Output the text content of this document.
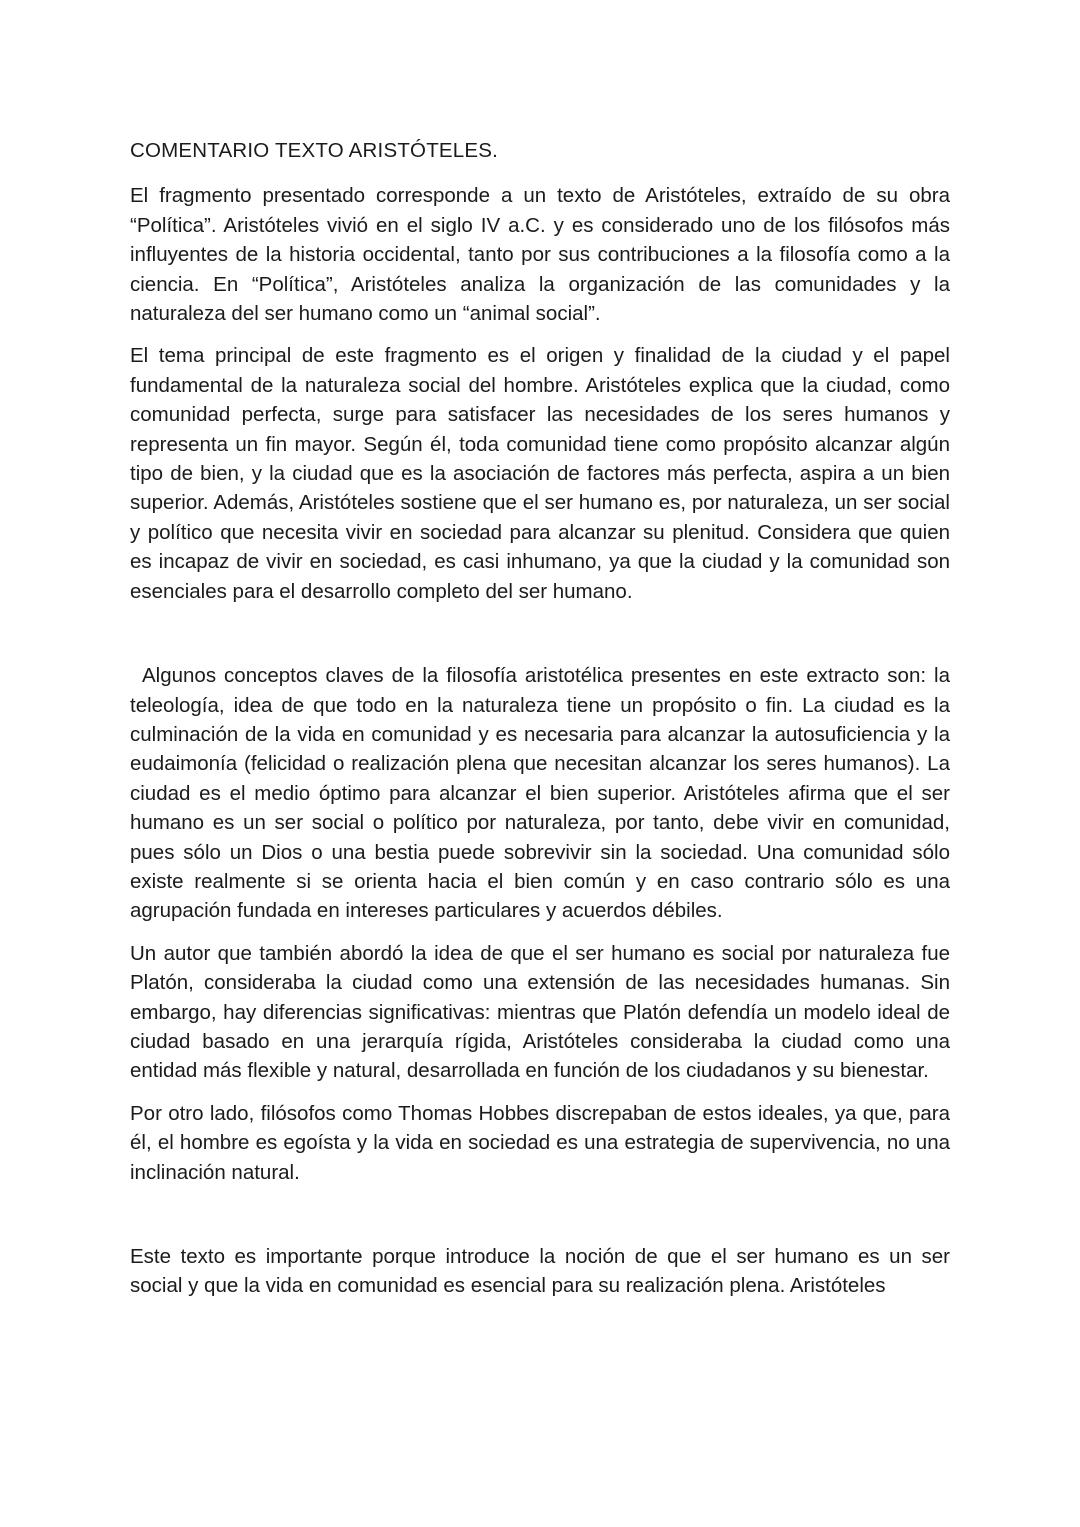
COMENTARIO TEXTO ARISTÓTELES.

El fragmento presentado corresponde a un texto de Aristóteles, extraído de su obra “Política”. Aristóteles vivió en el siglo IV a.C. y es considerado uno de los filósofos más influyentes de la historia occidental, tanto por sus contribuciones a la filosofía como a la ciencia. En “Política”, Aristóteles analiza la organización de las comunidades y la naturaleza del ser humano como un “animal social”.

El tema principal de este fragmento es el origen y finalidad de la ciudad y el papel fundamental de la naturaleza social del hombre. Aristóteles explica que la ciudad, como comunidad perfecta, surge para satisfacer las necesidades de los seres humanos y representa un fin mayor. Según él, toda comunidad tiene como propósito alcanzar algún tipo de bien, y la ciudad que es la asociación de factores más perfecta, aspira a un bien superior. Además, Aristóteles sostiene que el ser humano es, por naturaleza, un ser social y político que necesita vivir en sociedad para alcanzar su plenitud. Considera que quien es incapaz de vivir en sociedad, es casi inhumano, ya que la ciudad y la comunidad son esenciales para el desarrollo completo del ser humano.

Algunos conceptos claves de la filosofía aristotélica presentes en este extracto son: la teleología, idea de que todo en la naturaleza tiene un propósito o fin. La ciudad es la culminación de la vida en comunidad y es necesaria para alcanzar la autosuficiencia y la eudaimonía (felicidad o realización plena que necesitan alcanzar los seres humanos). La ciudad es el medio óptimo para alcanzar el bien superior. Aristóteles afirma que el ser humano es un ser social o político por naturaleza, por tanto, debe vivir en comunidad, pues sólo un Dios o una bestia puede sobrevivir sin la sociedad. Una comunidad sólo existe realmente si se orienta hacia el bien común y en caso contrario sólo es una agrupación fundada en intereses particulares y acuerdos débiles.

Un autor que también abordó la idea de que el ser humano es social por naturaleza fue Platón, consideraba la ciudad como una extensión de las necesidades humanas. Sin embargo, hay diferencias significativas: mientras que Platón defendía un modelo ideal de ciudad basado en una jerarquía rígida, Aristóteles consideraba la ciudad como una entidad más flexible y natural, desarrollada en función de los ciudadanos y su bienestar.

Por otro lado, filósofos como Thomas Hobbes discrepaban de estos ideales, ya que, para él, el hombre es egoísta y la vida en sociedad es una estrategia de supervivencia, no una inclinación natural.

Este texto es importante porque introduce la noción de que el ser humano es un ser social y que la vida en comunidad es esencial para su realización plena. Aristóteles
